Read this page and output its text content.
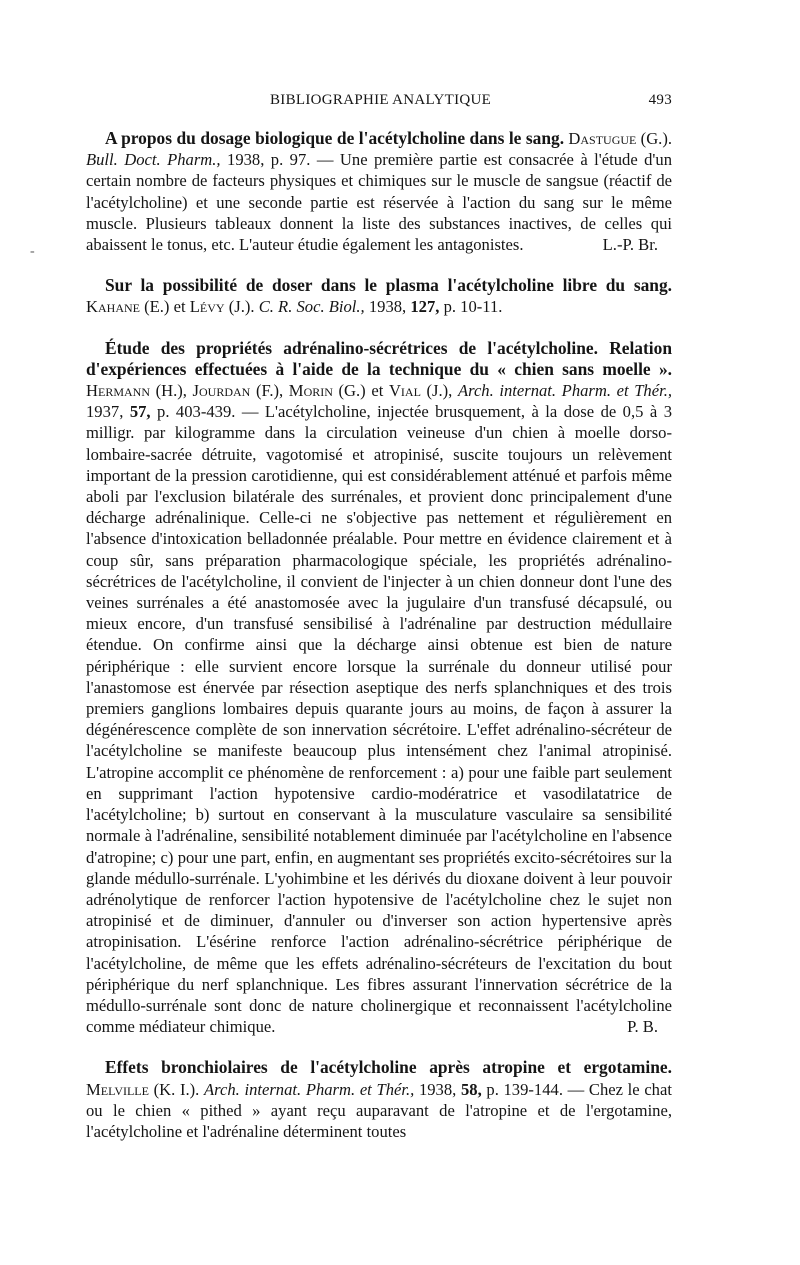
BIBLIOGRAPHIE ANALYTIQUE	493
-

A propos du dosage biologique de l'acétylcholine dans le sang. Dastugue (G.). Bull. Doct. Pharm., 1938, p. 97. — Une première partie est consacrée à l'étude d'un certain nombre de facteurs physiques et chimiques sur le muscle de sangsue (réactif de l'acétylcholine) et une seconde partie est réservée à l'action du sang sur le même muscle. Plusieurs tableaux donnent la liste des substances inactives, de celles qui abaissent le tonus, etc. L'auteur étudie également les antagonistes.	L.-P. Br.

Sur la possibilité de doser dans le plasma l'acétylcholine libre du sang. Kahane (E.) et Lévy (J.). C. R. Soc. Biol., 1938, 127, p. 10-11.

Étude des propriétés adrénalino-sécrétrices de l'acétylcholine. Relation d'expériences effectuées à l'aide de la technique du « chien sans moelle ». Hermann (H.), Jourdan (F.), Morin (G.) et Vial (J.), Arch. internat. Pharm. et Thér., 1937, 57, p. 403-439. — L'acétylcholine, injectée brusquement, à la dose de 0,5 à 3 milligr. par kilogramme dans la circulation veineuse d'un chien à moelle dorso-lombaire-sacrée détruite, vagotomisé et atropinisé, suscite toujours un relèvement important de la pression carotidienne, qui est considérablement atténué et parfois même aboli par l'exclusion bilatérale des surrénales, et provient donc principalement d'une décharge adrénalinique. Celle-ci ne s'objective pas nettement et régulièrement en l'absence d'intoxication belladonnée préalable. Pour mettre en évidence clairement et à coup sûr, sans préparation pharmacologique spéciale, les propriétés adrénalino-sécrétrices de l'acétylcholine, il convient de l'injecter à un chien donneur dont l'une des veines surrénales a été anastomosée avec la jugulaire d'un transfusé décapsulé, ou mieux encore, d'un transfusé sensibilisé à l'adrénaline par destruction médullaire étendue. On confirme ainsi que la décharge ainsi obtenue est bien de nature périphérique : elle survient encore lorsque la surrénale du donneur utilisé pour l'anastomose est énervée par résection aseptique des nerfs splanchniques et des trois premiers ganglions lombaires depuis quarante jours au moins, de façon à assurer la dégénérescence complète de son innervation sécrétoire. L'effet adrénalino-sécréteur de l'acétylcholine se manifeste beaucoup plus intensément chez l'animal atropinisé. L'atropine accomplit ce phénomène de renforcement : a) pour une faible part seulement en supprimant l'action hypotensive cardio-modératrice et vasodilatatrice de l'acétylcholine; b) surtout en conservant à la musculature vasculaire sa sensibilité normale à l'adrénaline, sensibilité notablement diminuée par l'acétylcholine en l'absence d'atropine; c) pour une part, enfin, en augmentant ses propriétés excito-sécrétoires sur la glande médullo-surrénale. L'yohimbine et les dérivés du dioxane doivent à leur pouvoir adrénolytique de renforcer l'action hypotensive de l'acétylcholine chez le sujet non atropinisé et de diminuer, d'annuler ou d'inverser son action hypertensive après atropinisation. L'ésérine renforce l'action adrénalino-sécrétrice périphérique de l'acétylcholine, de même que les effets adrénalino-sécréteurs de l'excitation du bout périphérique du nerf splanchnique. Les fibres assurant l'innervation sécrétrice de la médullo-surrénale sont donc de nature cholinergique et reconnaissent l'acétylcholine comme médiateur chimique.	P. B.

Effets bronchiolaires de l'acétylcholine après atropine et ergotamine. Melville (K. I.). Arch. internat. Pharm. et Thér., 1938, 58, p. 139-144. — Chez le chat ou le chien « pithed » ayant reçu auparavant de l'atropine et de l'ergotamine, l'acétylcholine et l'adrénaline déterminent toutes
